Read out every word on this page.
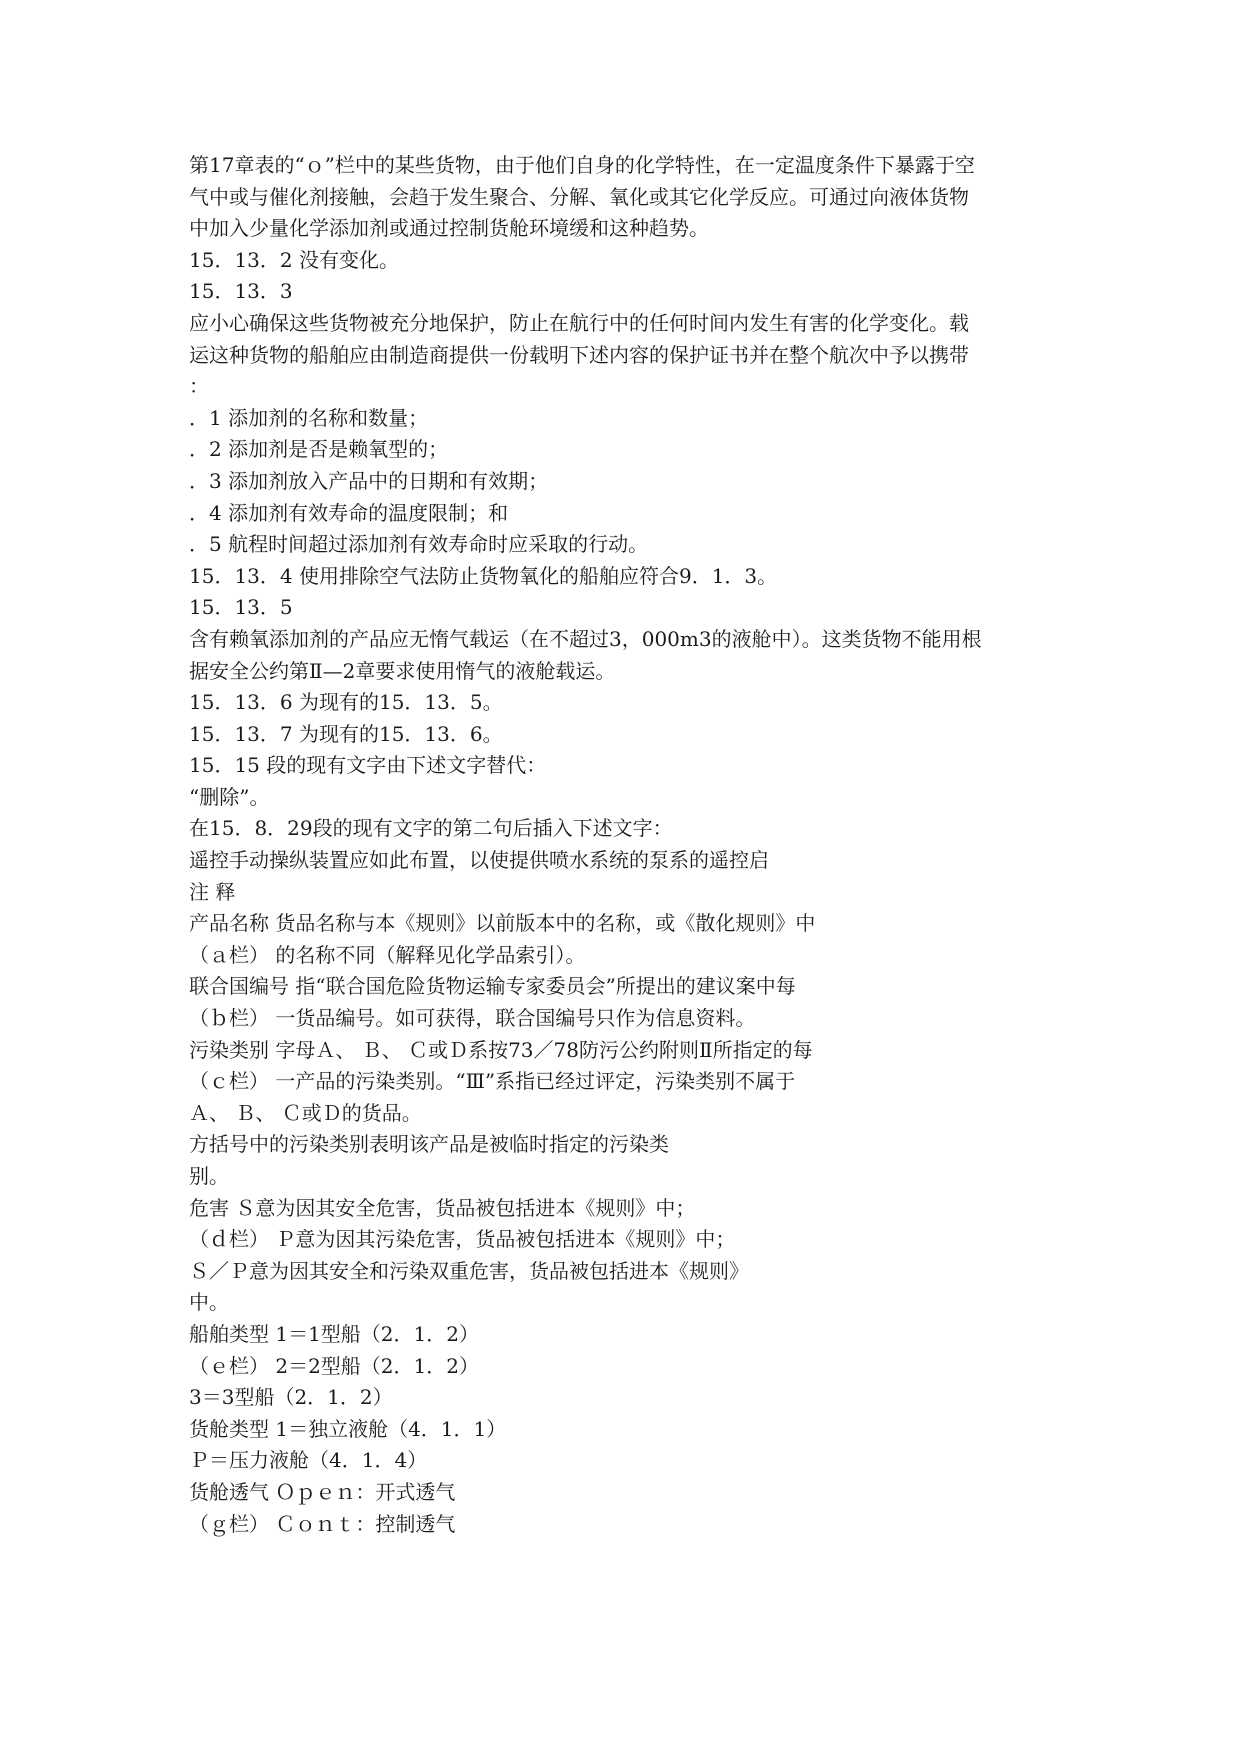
第17章表的“ｏ”栏中的某些货物，由于他们自身的化学特性，在一定温度条件下暴露于空
气中或与催化剂接触，会趋于发生聚合、分解、氧化或其它化学反应。可通过向液体货物
中加入少量化学添加剂或通过控制货舱环境缓和这种趋势。
15．13．2 没有变化。
15．13．3
应小心确保这些货物被充分地保护，防止在航行中的任何时间内发生有害的化学变化。载
运这种货物的船舶应由制造商提供一份载明下述内容的保护证书并在整个航次中予以携带
：
．1 添加剂的名称和数量；
．2 添加剂是否是赖氧型的；
．3 添加剂放入产品中的日期和有效期；
．4 添加剂有效寿命的温度限制；和
．5 航程时间超过添加剂有效寿命时应采取的行动。
15．13．4 使用排除空气法防止货物氧化的船舶应符合9．1．3。
15．13．5
含有赖氧添加剂的产品应无惰气载运（在不超过3，000m3的液舱中）。这类货物不能用根
据安全公约第Ⅱ—2章要求使用惰气的液舱载运。
15．13．6 为现有的15．13．5。
15．13．7 为现有的15．13．6。
15．15 段的现有文字由下述文字替代：
“删除”。
在15．8．29段的现有文字的第二句后插入下述文字：
遥控手动操纵装置应如此布置，以使提供喷水系统的泵系的遥控启
注 释
产品名称 货品名称与本《规则》以前版本中的名称，或《散化规则》中
（ａ栏） 的名称不同（解释见化学品索引）。
联合国编号 指“联合国危险货物运输专家委员会”所提出的建议案中每
（ｂ栏） 一货品编号。如可获得，联合国编号只作为信息资料。
污染类别 字母Ａ、 Ｂ、 Ｃ或Ｄ系按73／78防污公约附则Ⅱ所指定的每
（ｃ栏） 一产品的污染类别。“Ⅲ”系指已经过评定，污染类别不属于
Ａ、 Ｂ、 Ｃ或Ｄ的货品。
方括号中的污染类别表明该产品是被临时指定的污染类
别。
危害 Ｓ意为因其安全危害，货品被包括进本《规则》中；
（ｄ栏） Ｐ意为因其污染危害，货品被包括进本《规则》中；
Ｓ／Ｐ意为因其安全和污染双重危害，货品被包括进本《规则》
中。
船舶类型 1＝1型船（2．1．2）
（ｅ栏） 2＝2型船（2．1．2）
3＝3型船（2．1．2）
货舱类型 1＝独立液舱（4．1．1）
Ｐ＝压力液舱（4．1．4）
货舱透气 Ｏｐｅｎ：开式透气
（ｇ栏） Ｃｏｎｔ：控制透气
